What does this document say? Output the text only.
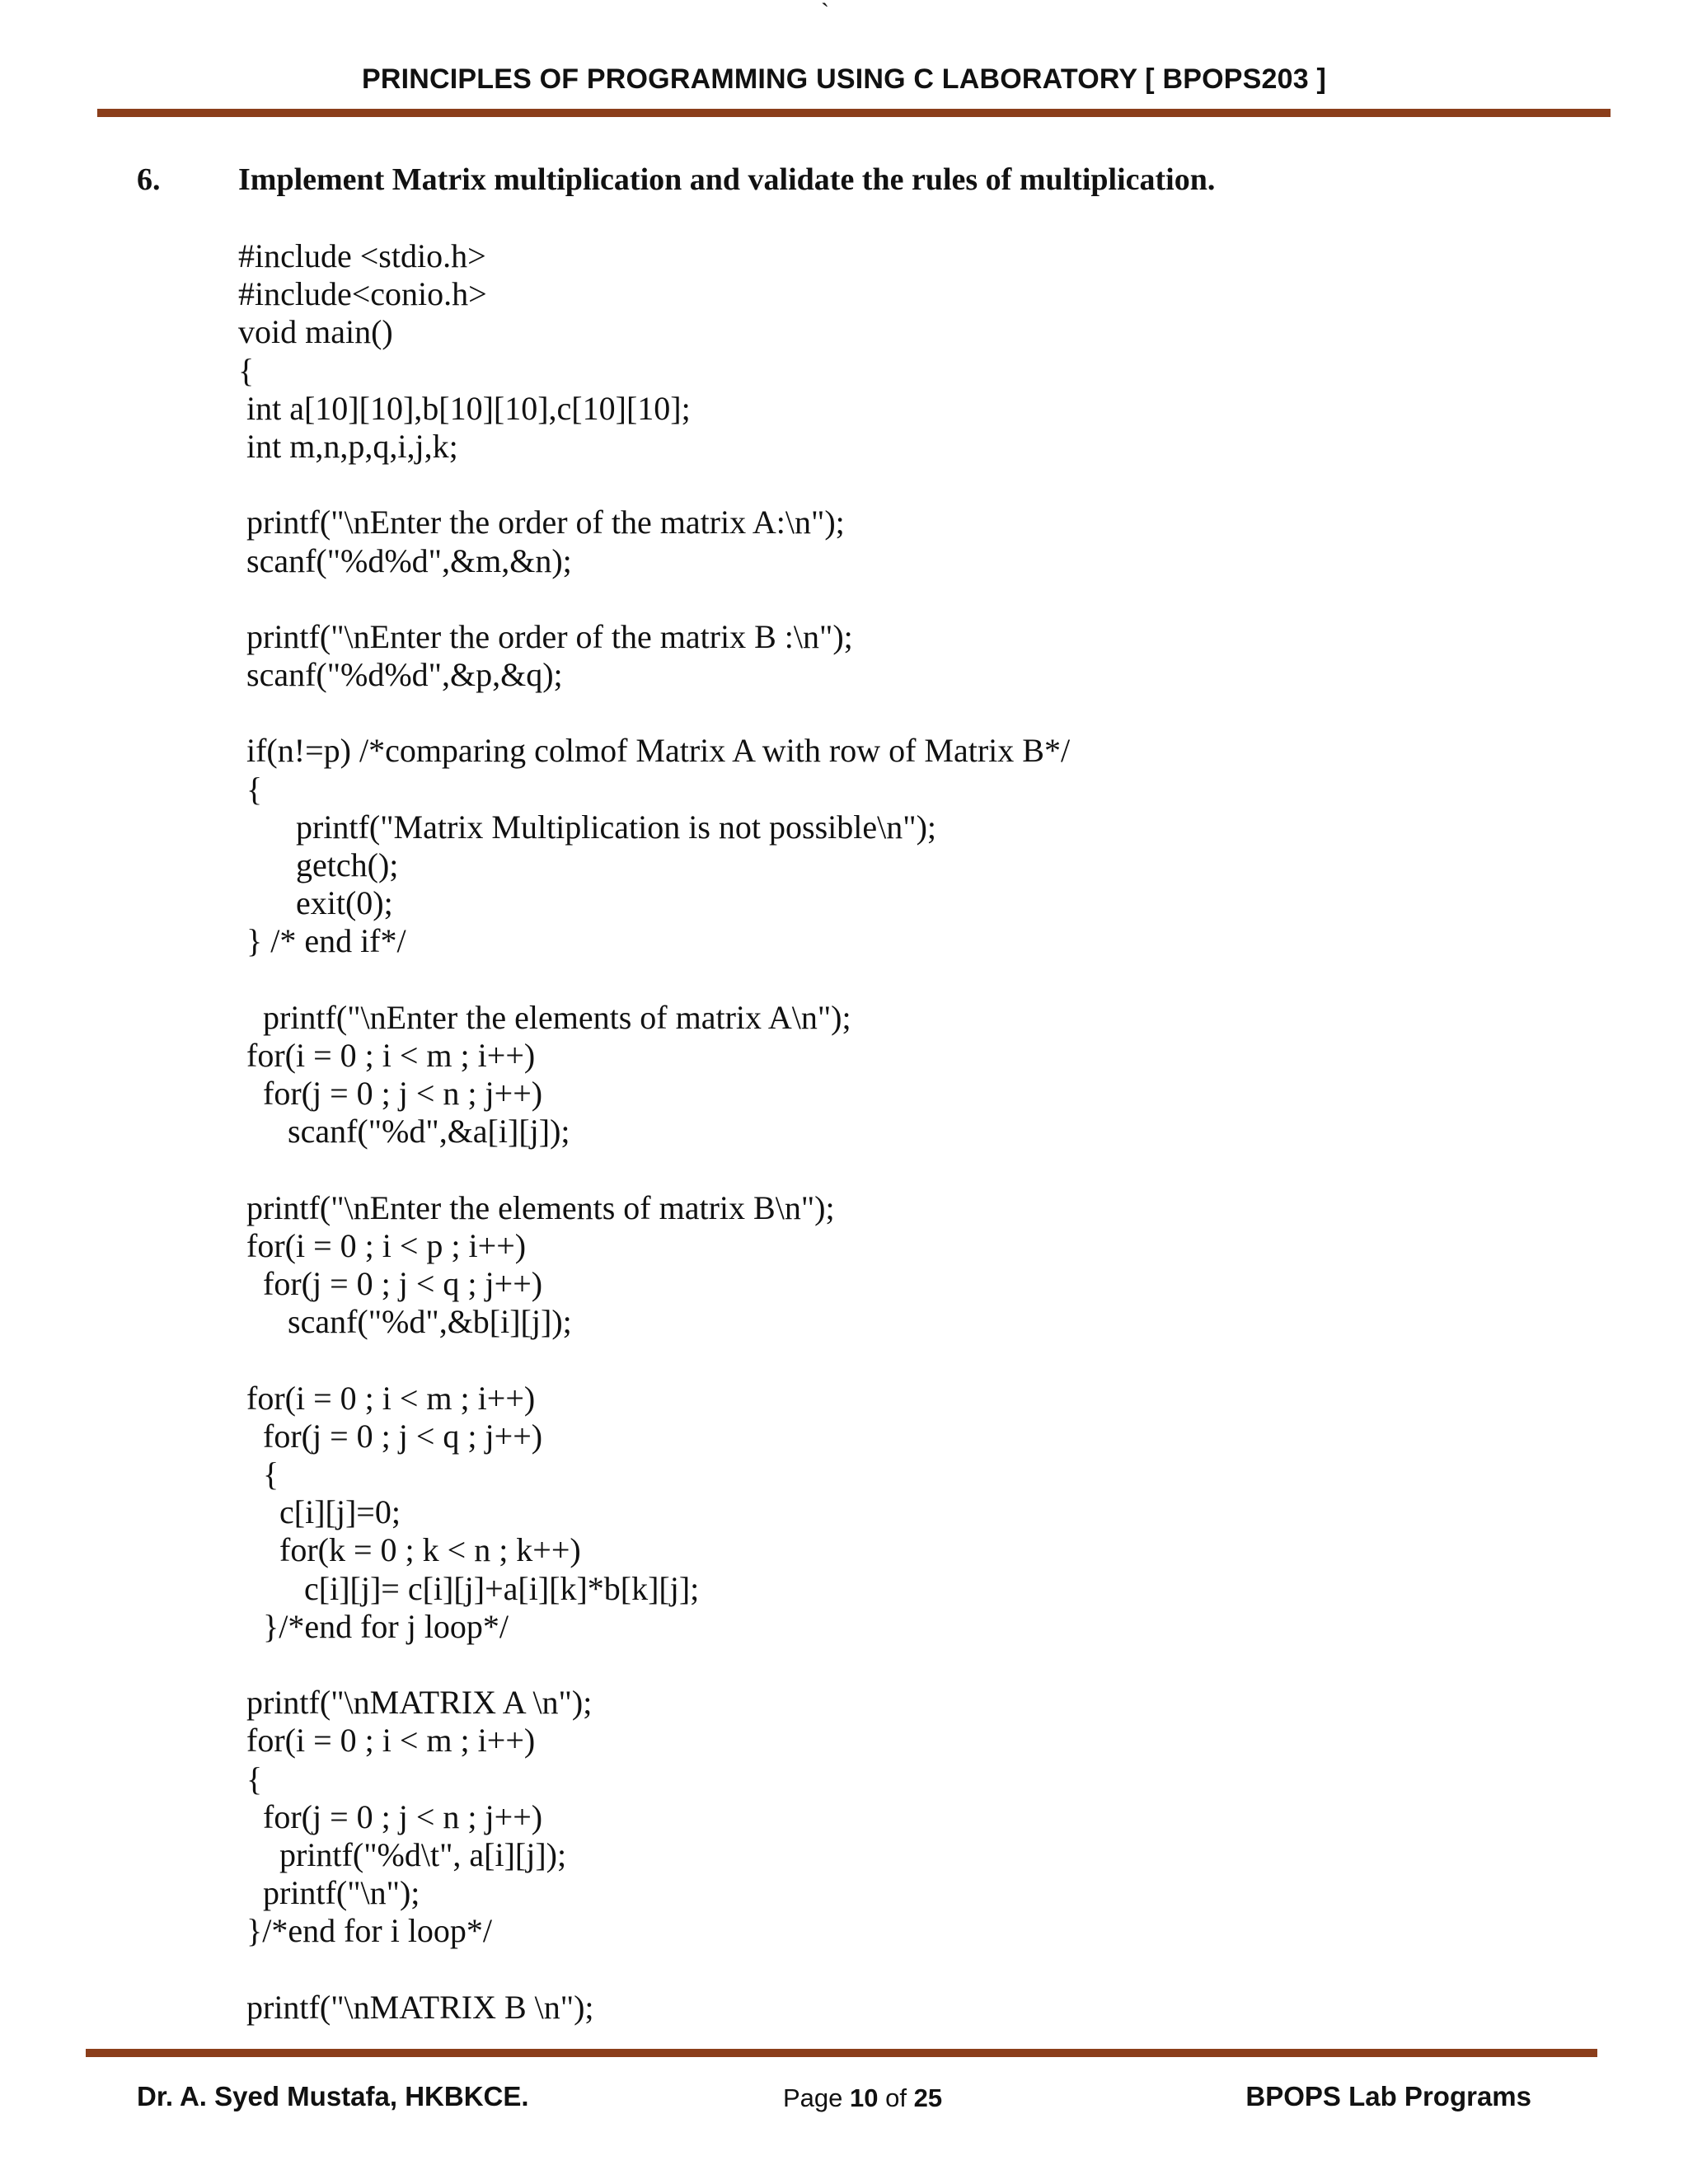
`
PRINCIPLES OF PROGRAMMING USING C LABORATORY [ BPOPS203 ]
6. Implement Matrix multiplication and validate the rules of multiplication.
#include <stdio.h>
#include<conio.h>
void main()
{
int a[10][10],b[10][10],c[10][10];
int m,n,p,q,i,j,k;
printf("\nEnter the order of the matrix A:\n");
scanf("%d%d",&m,&n);
printf("\nEnter the order of the matrix B :\n");
scanf("%d%d",&p,&q);
if(n!=p) /*comparing colmof Matrix A with row of Matrix B*/
{
printf("Matrix Multiplication is not possible\n");
getch();
exit(0);
} /* end if*/
printf("\nEnter the elements of matrix A\n");
for(i = 0 ; i < m ; i++)
for(j = 0 ; j < n ; j++)
scanf("%d",&a[i][j]);
printf("\nEnter the elements of matrix B\n");
for(i = 0 ; i < p ; i++)
for(j = 0 ; j < q ; j++)
scanf("%d",&b[i][j]);
for(i = 0 ; i < m ; i++)
for(j = 0 ; j < q ; j++)
{
c[i][j]=0;
for(k = 0 ; k < n ; k++)
c[i][j]= c[i][j]+a[i][k]*b[k][j];
}/*end for j loop*/
printf("\nMATRIX A \n");
for(i = 0 ; i < m ; i++)
{
for(j = 0 ; j < n ; j++)
printf("%d\t", a[i][j]);
printf("\n");
}/*end for i loop*/
printf("\nMATRIX B \n");
Dr. A. Syed Mustafa, HKBKCE.	Page 10 of 25	BPOPS Lab Programs
